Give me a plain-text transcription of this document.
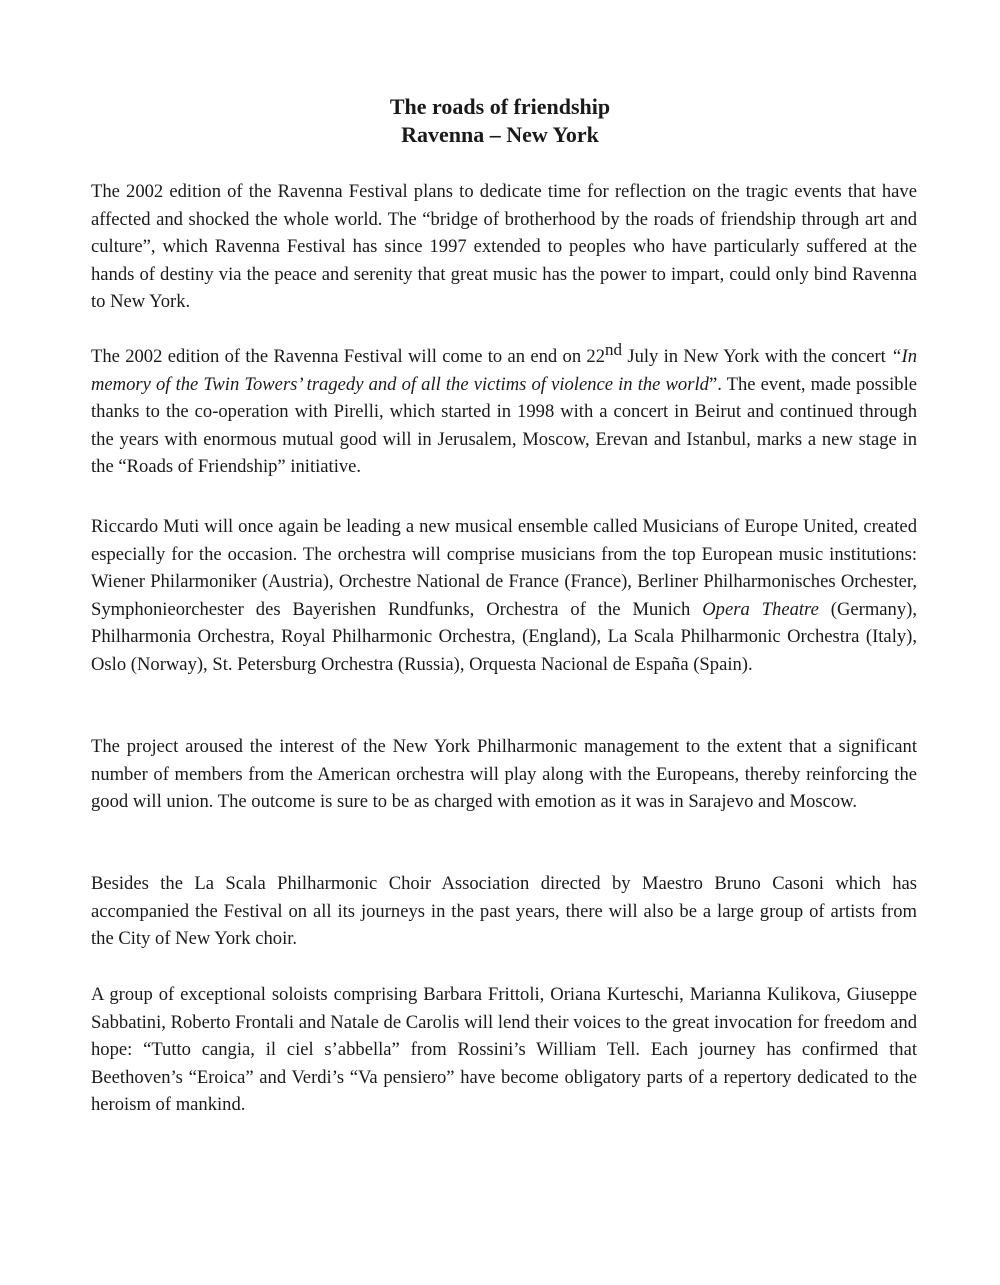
The roads of friendship
Ravenna – New York

The 2002 edition of the Ravenna Festival plans to dedicate time for reflection on the tragic events that have affected and shocked the whole world. The “bridge of brotherhood by the roads of friendship through art and culture”, which Ravenna Festival has since 1997 extended to peoples who have particularly suffered at the hands of destiny via the peace and serenity that great music has the power to impart, could only bind Ravenna to New York.

The 2002 edition of the Ravenna Festival will come to an end on 22nd July in New York with the concert “In memory of the Twin Towers’ tragedy and of all the victims of violence in the world”. The event, made possible thanks to the co-operation with Pirelli, which started in 1998 with a concert in Beirut and continued through the years with enormous mutual good will in Jerusalem, Moscow, Erevan and Istanbul, marks a new stage in the “Roads of Friendship” initiative.

Riccardo Muti will once again be leading a new musical ensemble called Musicians of Europe United, created especially for the occasion. The orchestra will comprise musicians from the top European music institutions: Wiener Philarmoniker (Austria), Orchestre National de France (France), Berliner Philharmonisches Orchester, Symphonieorchester des Bayerishen Rundfunks, Orchestra of the Munich Opera Theatre (Germany), Philharmonia Orchestra, Royal Philharmonic Orchestra, (England), La Scala Philharmonic Orchestra (Italy), Oslo (Norway), St. Petersburg Orchestra (Russia), Orquesta Nacional de España (Spain).

The project aroused the interest of the New York Philharmonic management to the extent that a significant number of members from the American orchestra will play along with the Europeans, thereby reinforcing the good will union. The outcome is sure to be as charged with emotion as it was in Sarajevo and Moscow.

Besides the La Scala Philharmonic Choir Association directed by Maestro Bruno Casoni which has accompanied the Festival on all its journeys in the past years, there will also be a large group of artists from the City of New York choir.

A group of exceptional soloists comprising Barbara Frittoli, Oriana Kurteschi, Marianna Kulikova, Giuseppe Sabbatini, Roberto Frontali and Natale de Carolis will lend their voices to the great invocation for freedom and hope: “Tutto cangia, il ciel s’abbella” from Rossini’s William Tell. Each journey has confirmed that Beethoven’s “Eroica” and Verdi’s “Va pensiero” have become obligatory parts of a repertory dedicated to the heroism of mankind.
